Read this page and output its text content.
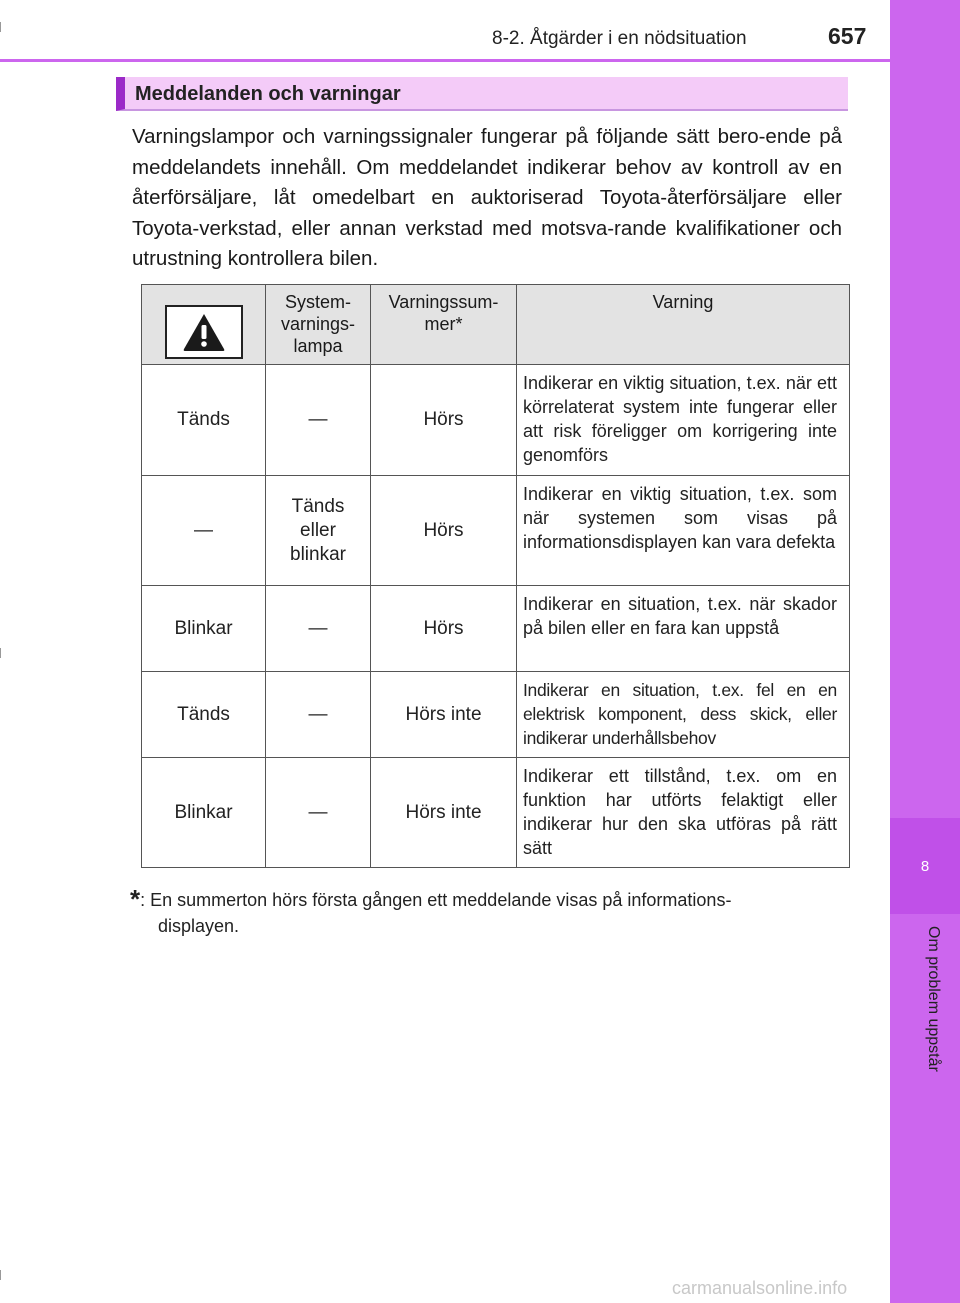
8
Om problem uppstår
8-2. Åtgärder i en nödsituation	657
Meddelanden och varningar
Varningslampor och varningssignaler fungerar på följande sätt bero-ende på meddelandets innehåll. Om meddelandet indikerar behov av kontroll av en återförsäljare, låt omedelbart en auktoriserad Toyota-återförsäljare eller Toyota-verkstad, eller annan verkstad med motsva-rande kvalifikationer och utrustning kontrollera bilen.
	System-varnings-lampa	Varningssum-mer*	Varning
Tänds	—	Hörs	Indikerar en viktig situation, t.ex. när ett körrelaterat system inte fungerar eller att risk föreligger om korrigering inte genomförs
—	Tänds eller blinkar	Hörs	Indikerar en viktig situation, t.ex. som när systemen som visas på informationsdisplayen kan vara defekta
Blinkar	—	Hörs	Indikerar en situation, t.ex. när skador på bilen eller en fara kan uppstå
Tänds	—	Hörs inte	Indikerar en situation, t.ex. fel en en elektrisk komponent, dess skick, eller indikerar underhållsbehov
Blinkar	—	Hörs inte	Indikerar ett tillstånd, t.ex. om en funktion har utförts felaktigt eller indikerar hur den ska utföras på rätt sätt
*: En summerton hörs första gången ett meddelande visas på informations-
displayen.
carmanualsonline.info
